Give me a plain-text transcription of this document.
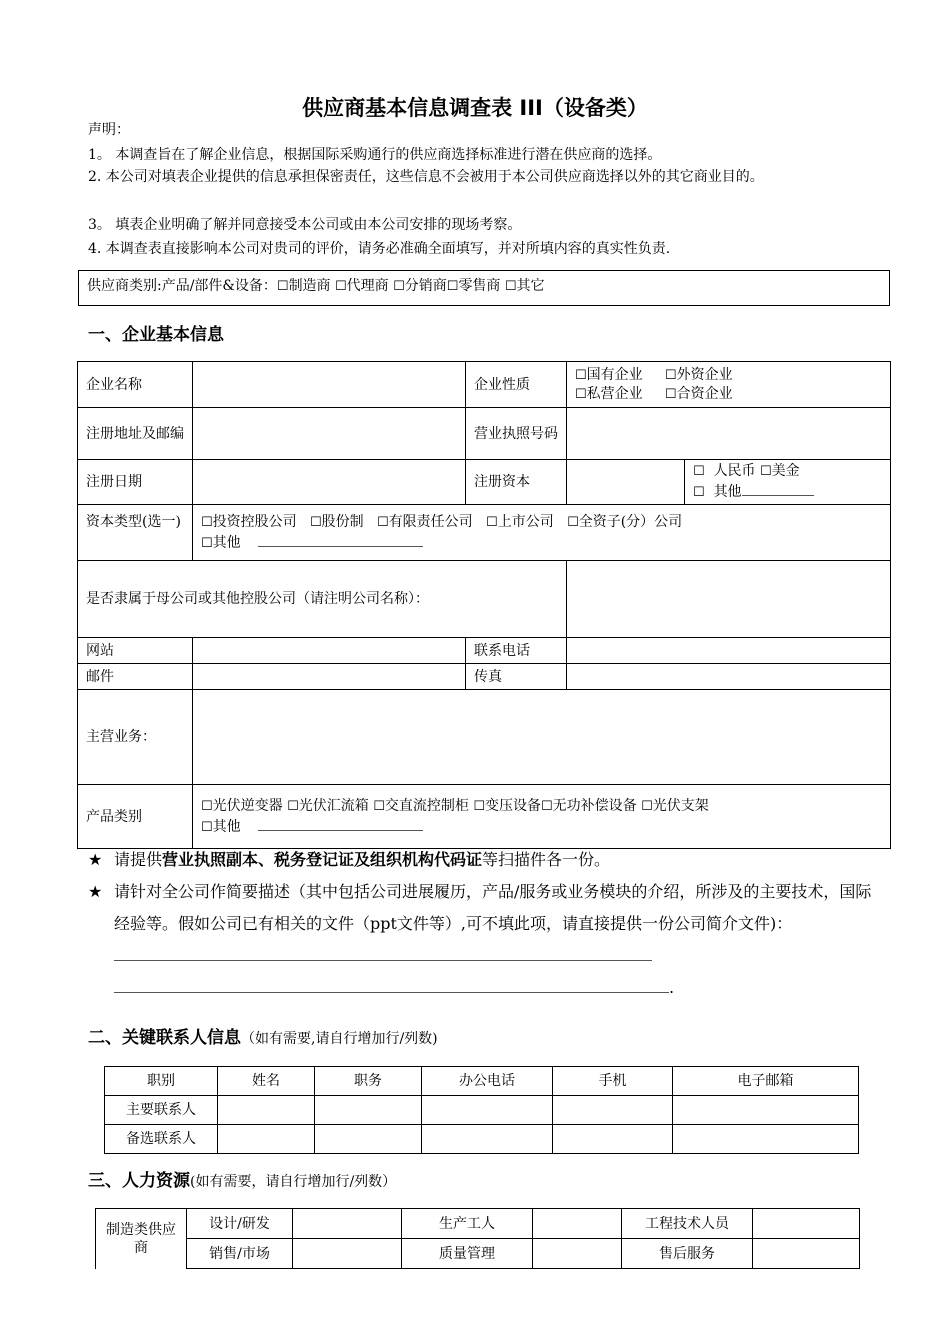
供应商基本信息调查表 III（设备类）
声明：
1。 本调查旨在了解企业信息，根据国际采购通行的供应商选择标准进行潜在供应商的选择。
2. 本公司对填表企业提供的信息承担保密责任，这些信息不会被用于本公司供应商选择以外的其它商业目的。
3。 填表企业明确了解并同意接受本公司或由本公司安排的现场考察。
4. 本调查表直接影响本公司对贵司的评价，请务必准确全面填写，并对所填内容的真实性负责.
供应商类别:产品/部件&设备：☐制造商 ☐代理商 ☐分销商☐零售商 ☐其它
一、企业基本信息
企业名称		企业性质	☐国有企业 ☐外资企业
☐私营企业 ☐合资企业	
注册地址及邮编		营业执照号码		
注册日期		注册资本		☐ 人民币 ☐美金
☐ 其他
资本类型(选一)	☐投资控股公司 ☐股份制 ☐有限责任公司 ☐上市公司 ☐全资子(分）公司
☐其他			
是否隶属于母公司或其他控股公司（请注明公司名称）：				
网站		联系电话		
邮件		传真		
主营业务：				
产品类别	☐光伏逆变器 ☐光伏汇流箱 ☐交直流控制柜 ☐变压设备☐无功补偿设备 ☐光伏支架
☐其他			
★ 请提供营业执照副本、税务登记证及组织机构代码证等扫描件各一份。
★ 请针对全公司作简要描述（其中包括公司进展履历，产品/服务或业务模块的介绍，所涉及的主要技术，国际经验等。假如公司已有相关的文件（ppt文件等）,可不填此项，请直接提供一份公司简介文件)：
.
二、关键联系人信息（如有需要,请自行增加行/列数)
职别	姓名	职务	办公电话	手机	电子邮箱
主要联系人					
备选联系人					
三、人力资源(如有需要，请自行增加行/列数）
制造类供应商	设计/研发		生产工人		工程技术人员	
	销售/市场		质量管理		售后服务	
